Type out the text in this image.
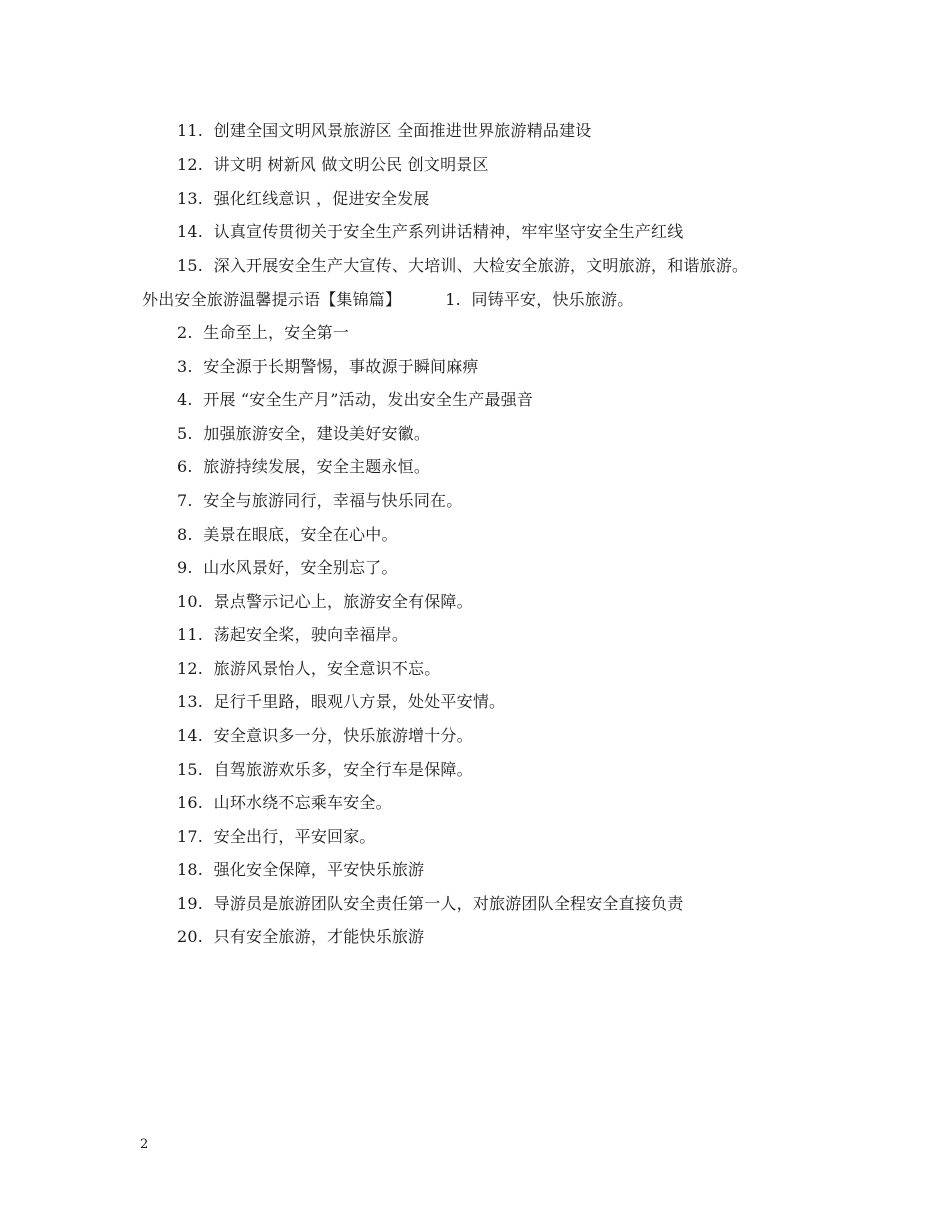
11.  创建全国文明风景旅游区 全面推进世界旅游精品建设
12.  讲文明 树新风 做文明公民 创文明景区
13.  强化红线意识 ，促进安全发展
14.  认真宣传贯彻关于安全生产系列讲话精神，牢牢坚守安全生产红线
15.  深入开展安全生产大宣传、大培训、大检安全旅游，文明旅游，和谐旅游。
外出安全旅游温馨提示语【集锦篇】	1.  同铸平安，快乐旅游。
2.  生命至上，安全第一
3.  安全源于长期警惕，事故源于瞬间麻痹
4.  开展 “安全生产月”活动，发出安全生产最强音
5.  加强旅游安全，建设美好安徽。
6.  旅游持续发展，安全主题永恒。
7.  安全与旅游同行，幸福与快乐同在。
8.  美景在眼底，安全在心中。
9.  山水风景好，安全别忘了。
10.  景点警示记心上，旅游安全有保障。
11.  荡起安全桨，驶向幸福岸。
12.  旅游风景怡人，安全意识不忘。
13.  足行千里路，眼观八方景，处处平安情。
14.  安全意识多一分，快乐旅游增十分。
15.  自驾旅游欢乐多，安全行车是保障。
16.  山环水绕不忘乘车安全。
17.  安全出行，平安回家。
18.  强化安全保障，平安快乐旅游
19.  导游员是旅游团队安全责任第一人，对旅游团队全程安全直接负责
20.  只有安全旅游，才能快乐旅游
2
